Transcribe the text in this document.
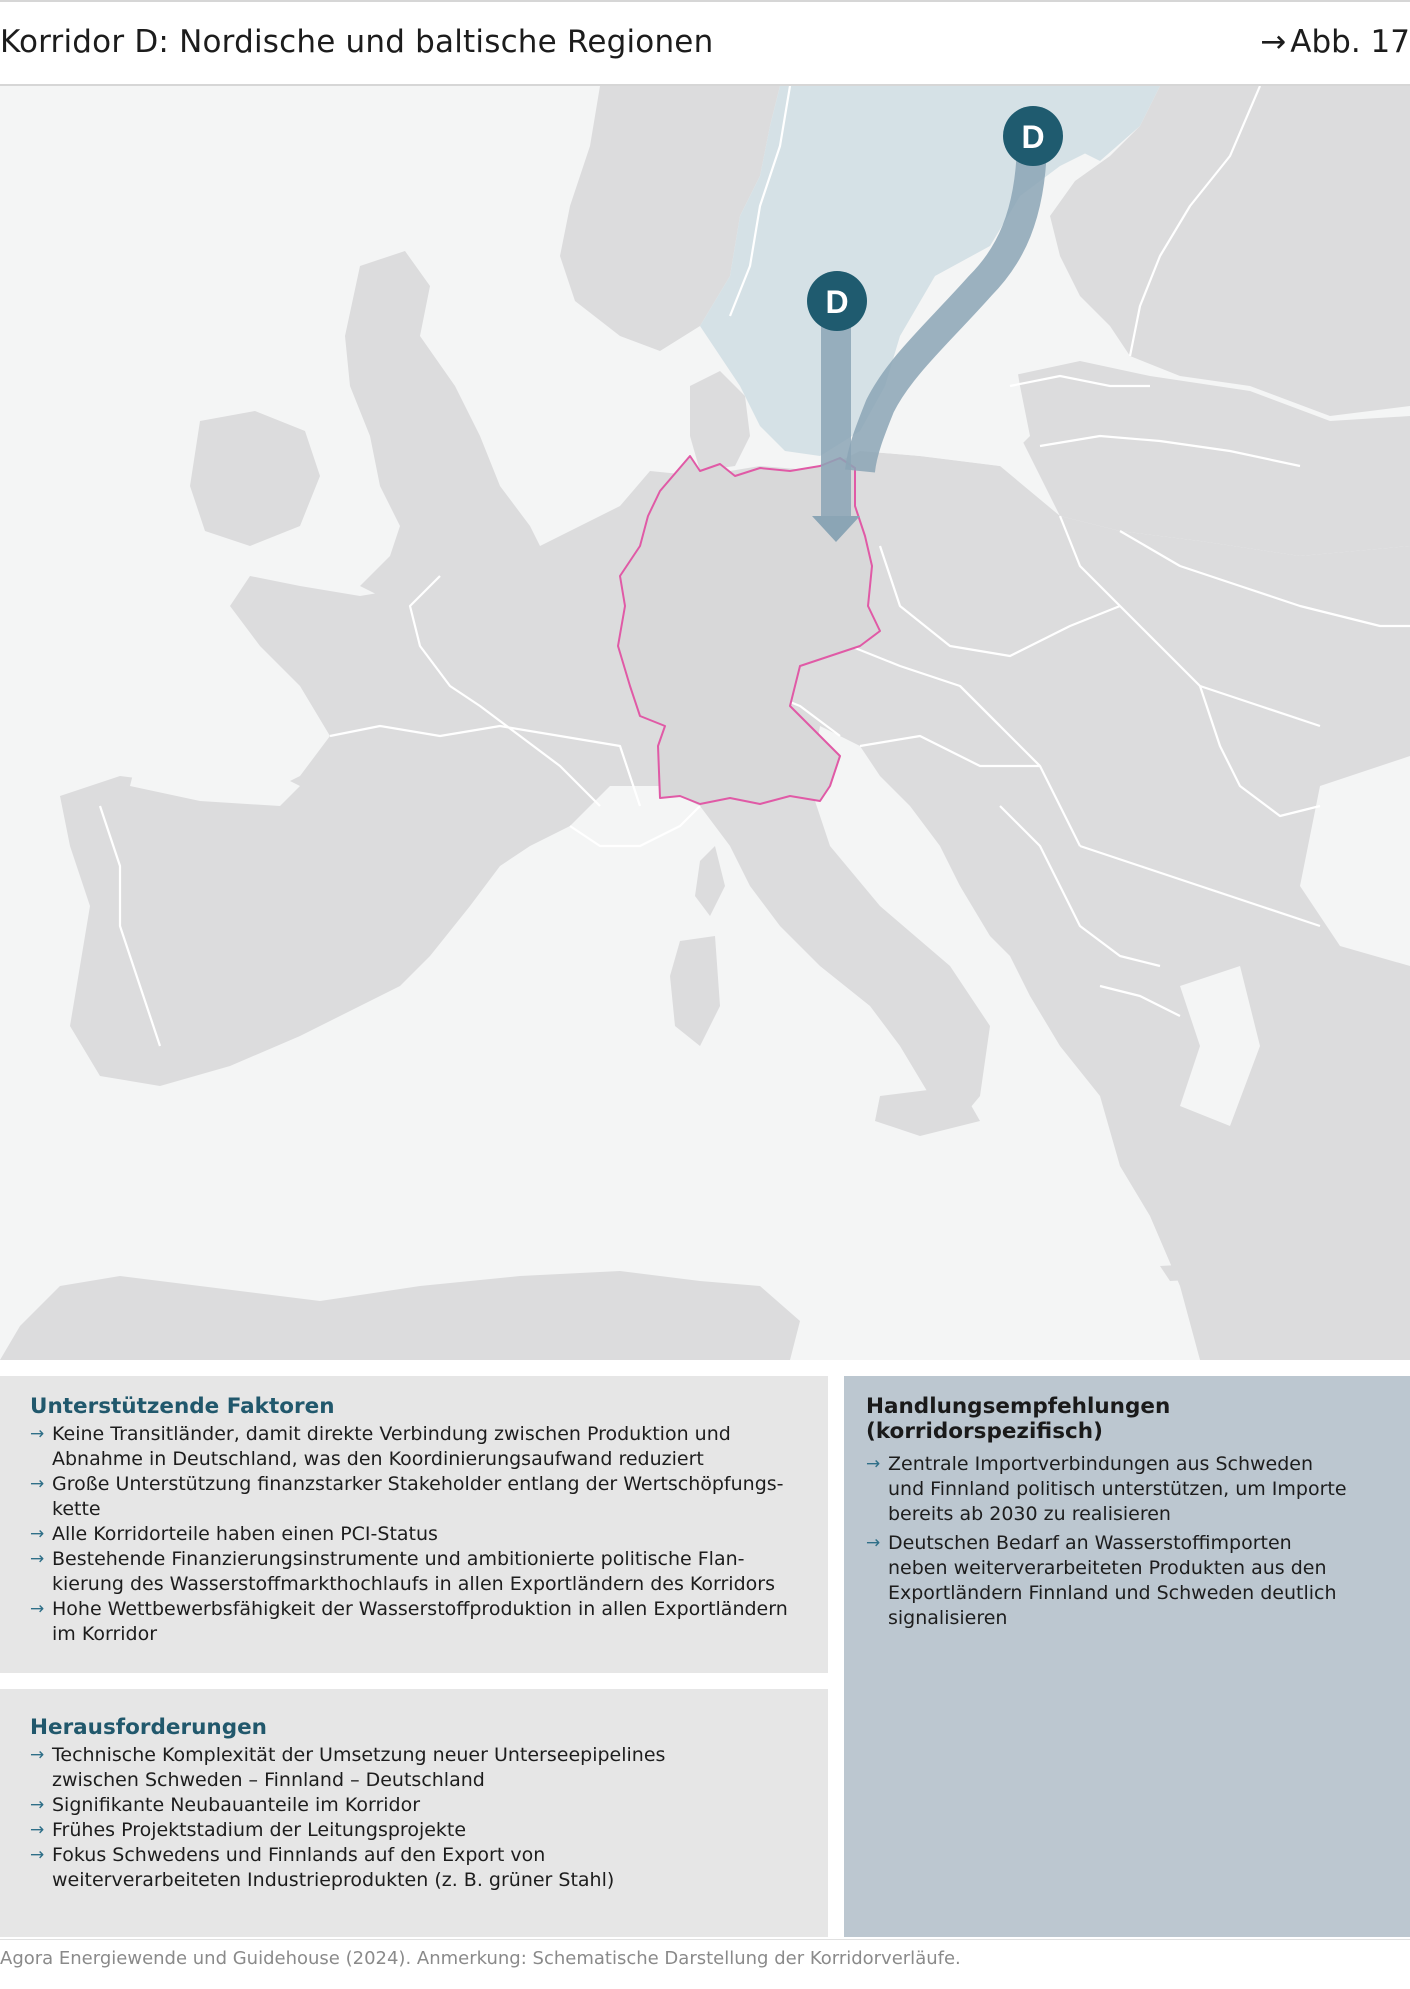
Korridor D: Nordische und baltische Regionen	→ Abb. 17
D
D
Unterstützende Faktoren
→ Keine Transitländer, damit direkte Verbindung zwischen Produktion und
Abnahme in Deutschland, was den Koordinierungsaufwand reduziert
→ Große Unterstützung finanzstarker Stakeholder entlang der Wertschöpfungs-
kette
→ Alle Korridorteile haben einen PCI-Status
→ Bestehende Finanzierungsinstrumente und ambitionierte politische Flan-
kierung des Wasserstoffmarkthochlaufs in allen Exportländern des Korridors
→ Hohe Wettbewerbsfähigkeit der Wasserstoffproduktion in allen Exportländern
im Korridor
Herausforderungen
→ Technische Komplexität der Umsetzung neuer Unterseepipelines
zwischen Schweden – Finnland – Deutschland
→ Signifikante Neubauanteile im Korridor
→ Frühes Projektstadium der Leitungsprojekte
→ Fokus Schwedens und Finnlands auf den Export von
weiterverarbeiteten Industrieprodukten (z. B. grüner Stahl)
Handlungsempfehlungen
(korridorspezifisch)
→ Zentrale Importverbindungen aus Schweden
und Finnland politisch unterstützen, um Importe
bereits ab 2030 zu realisieren
→ Deutschen Bedarf an Wasserstoffimporten
neben weiterverarbeiteten Produkten aus den
Exportländern Finnland und Schweden deutlich
signalisieren
Agora Energiewende und Guidehouse (2024). Anmerkung: Schematische Darstellung der Korridorverläufe.
